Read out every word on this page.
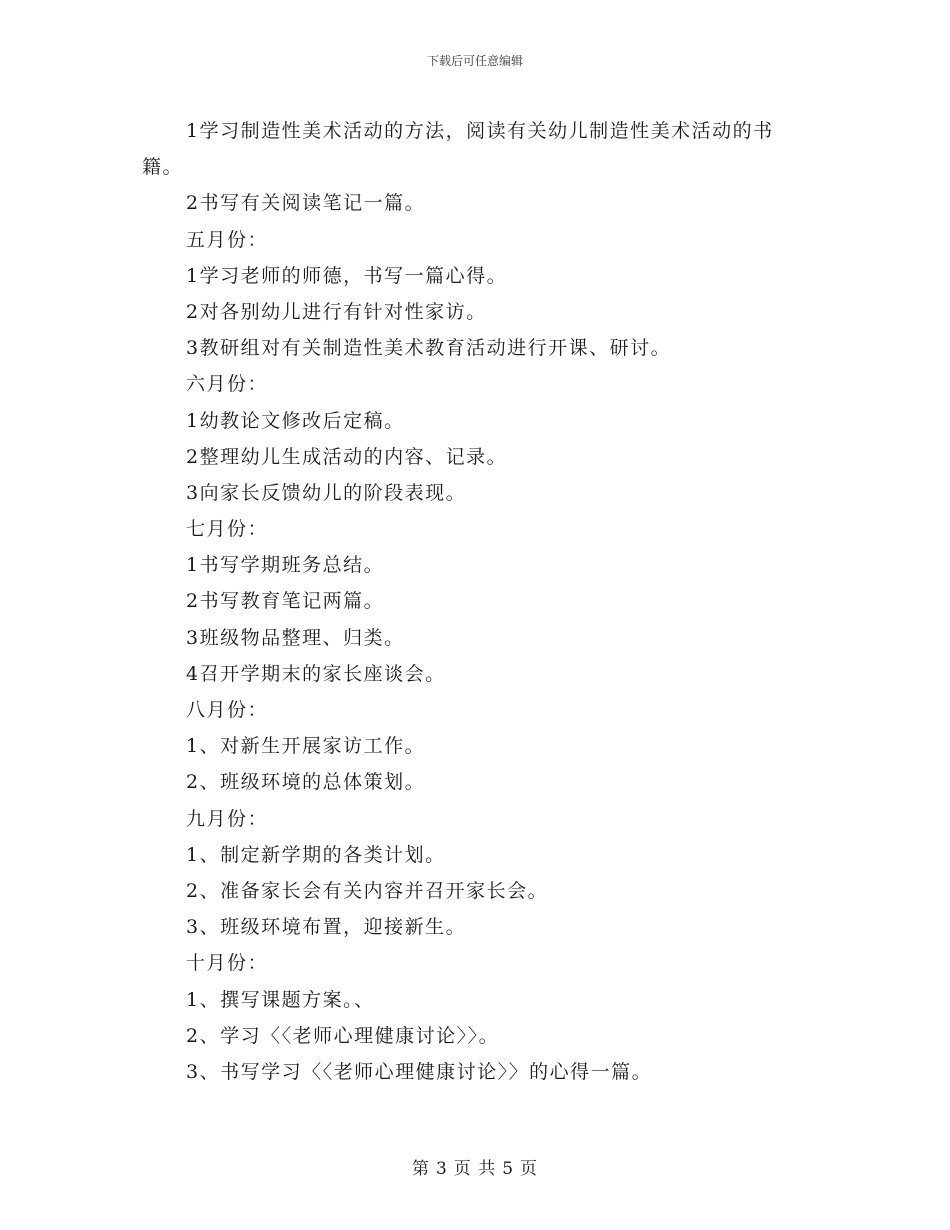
下载后可任意编辑
1学习制造性美术活动的方法，阅读有关幼儿制造性美术活动的书
籍。
2书写有关阅读笔记一篇。
五月份：
1学习老师的师德，书写一篇心得。
2对各别幼儿进行有针对性家访。
3教研组对有关制造性美术教育活动进行开课、研讨。
六月份：
1幼教论文修改后定稿。
2整理幼儿生成活动的内容、记录。
3向家长反馈幼儿的阶段表现。
七月份：
1书写学期班务总结。
2书写教育笔记两篇。
3班级物品整理、归类。
4召开学期末的家长座谈会。
八月份：
1、对新生开展家访工作。
2、班级环境的总体策划。
九月份：
1、制定新学期的各类计划。
2、准备家长会有关内容并召开家长会。
3、班级环境布置，迎接新生。
十月份：
1、撰写课题方案。、
2、学习〈〈老师心理健康讨论〉〉。
3、书写学习〈〈老师心理健康讨论〉〉的心得一篇。
第 3 页 共 5 页
